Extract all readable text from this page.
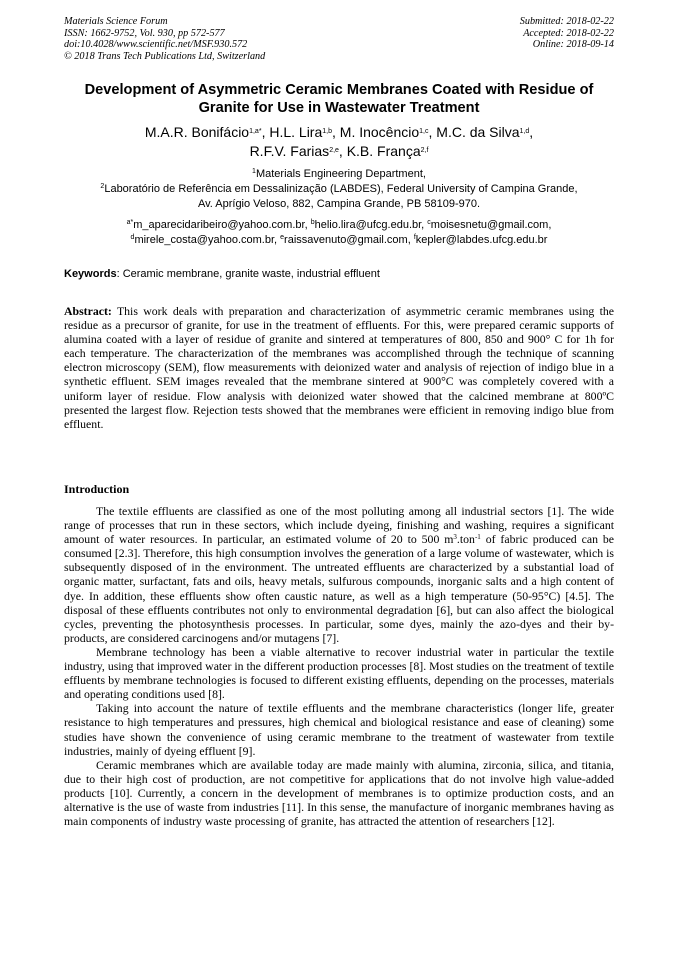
Materials Science Forum
ISSN: 1662-9752, Vol. 930, pp 572-577
doi:10.4028/www.scientific.net/MSF.930.572
© 2018 Trans Tech Publications Ltd, Switzerland
Submitted: 2018-02-22
Accepted: 2018-02-22
Online: 2018-09-14
Development of Asymmetric Ceramic Membranes Coated with Residue of Granite for Use in Wastewater Treatment
M.A.R. Bonifácio$^{1,a*}$, H.L. Lira$^{1,b}$, M. Inocêncio$^{1,c}$, M.C. da Silva$^{1,d}$,
R.F.V. Farias$^{2,e}$, K.B. França$^{2,f}$
$^1$Materials Engineering Department,
$^2$Laboratório de Referência em Dessalinização (LABDES), Federal University of Campina Grande,
Av. Aprígio Veloso, 882, Campina Grande, PB 58109-970.
$^{a*}$m_aparecidaribeiro@yahoo.com.br, $^b$helio.lira@ufcg.edu.br, $^c$moisesnetu@gmail.com,
$^d$mirele_costa@yahoo.com.br, $^e$raissavenuto@gmail.com, $^f$kepler@labdes.ufcg.edu.br
Keywords: Ceramic membrane, granite waste, industrial effluent
Abstract: This work deals with preparation and characterization of asymmetric ceramic membranes using the residue as a precursor of granite, for use in the treatment of effluents. For this, were prepared ceramic supports of alumina coated with a layer of residue of granite and sintered at temperatures of 800, 850 and 900° C for 1h for each temperature. The characterization of the membranes was accomplished through the technique of scanning electron microscopy (SEM), flow measurements with deionized water and analysis of rejection of indigo blue in a synthetic effluent. SEM images revealed that the membrane sintered at 900°C was completely covered with a uniform layer of residue. Flow analysis with deionized water showed that the calcined membrane at 800ºC presented the largest flow. Rejection tests showed that the membranes were efficient in removing indigo blue from effluent.
Introduction

The textile effluents are classified as one of the most polluting among all industrial sectors [1]. The wide range of processes that run in these sectors, which include dyeing, finishing and washing, requires a significant amount of water resources. In particular, an estimated volume of 20 to 500 $m^3.ton^{-1}$ of fabric produced can be consumed [2.3]. Therefore, this high consumption involves the generation of a large volume of wastewater, which is subsequently disposed of in the environment. The untreated effluents are characterized by a substantial load of organic matter, surfactant, fats and oils, heavy metals, sulfurous compounds, inorganic salts and a high content of dye. In addition, these effluents show often caustic nature, as well as a high temperature (50-95°C) [4.5]. The disposal of these effluents contributes not only to environmental degradation [6], but can also affect the biological cycles, preventing the photosynthesis processes. In particular, some dyes, mainly the azo-dyes and their by-products, are considered carcinogens and/or mutagens [7].

Membrane technology has been a viable alternative to recover industrial water in particular the textile industry, using that improved water in the different production processes [8]. Most studies on the treatment of textile effluents by membrane technologies is focused to different existing effluents, depending on the processes, materials and operating conditions used [8].

Taking into account the nature of textile effluents and the membrane characteristics (longer life, greater resistance to high temperatures and pressures, high chemical and biological resistance and ease of cleaning) some studies have shown the convenience of using ceramic membrane to the treatment of wastewater from textile industries, mainly of dyeing effluent [9].

Ceramic membranes which are available today are made mainly with alumina, zirconia, silica, and titania, due to their high cost of production, are not competitive for applications that do not involve high value-added products [10]. Currently, a concern in the development of membranes is to optimize production costs, and an alternative is the use of waste from industries [11]. In this sense, the manufacture of inorganic membranes having as main components of industry waste processing of granite, has attracted the attention of researchers [12].
